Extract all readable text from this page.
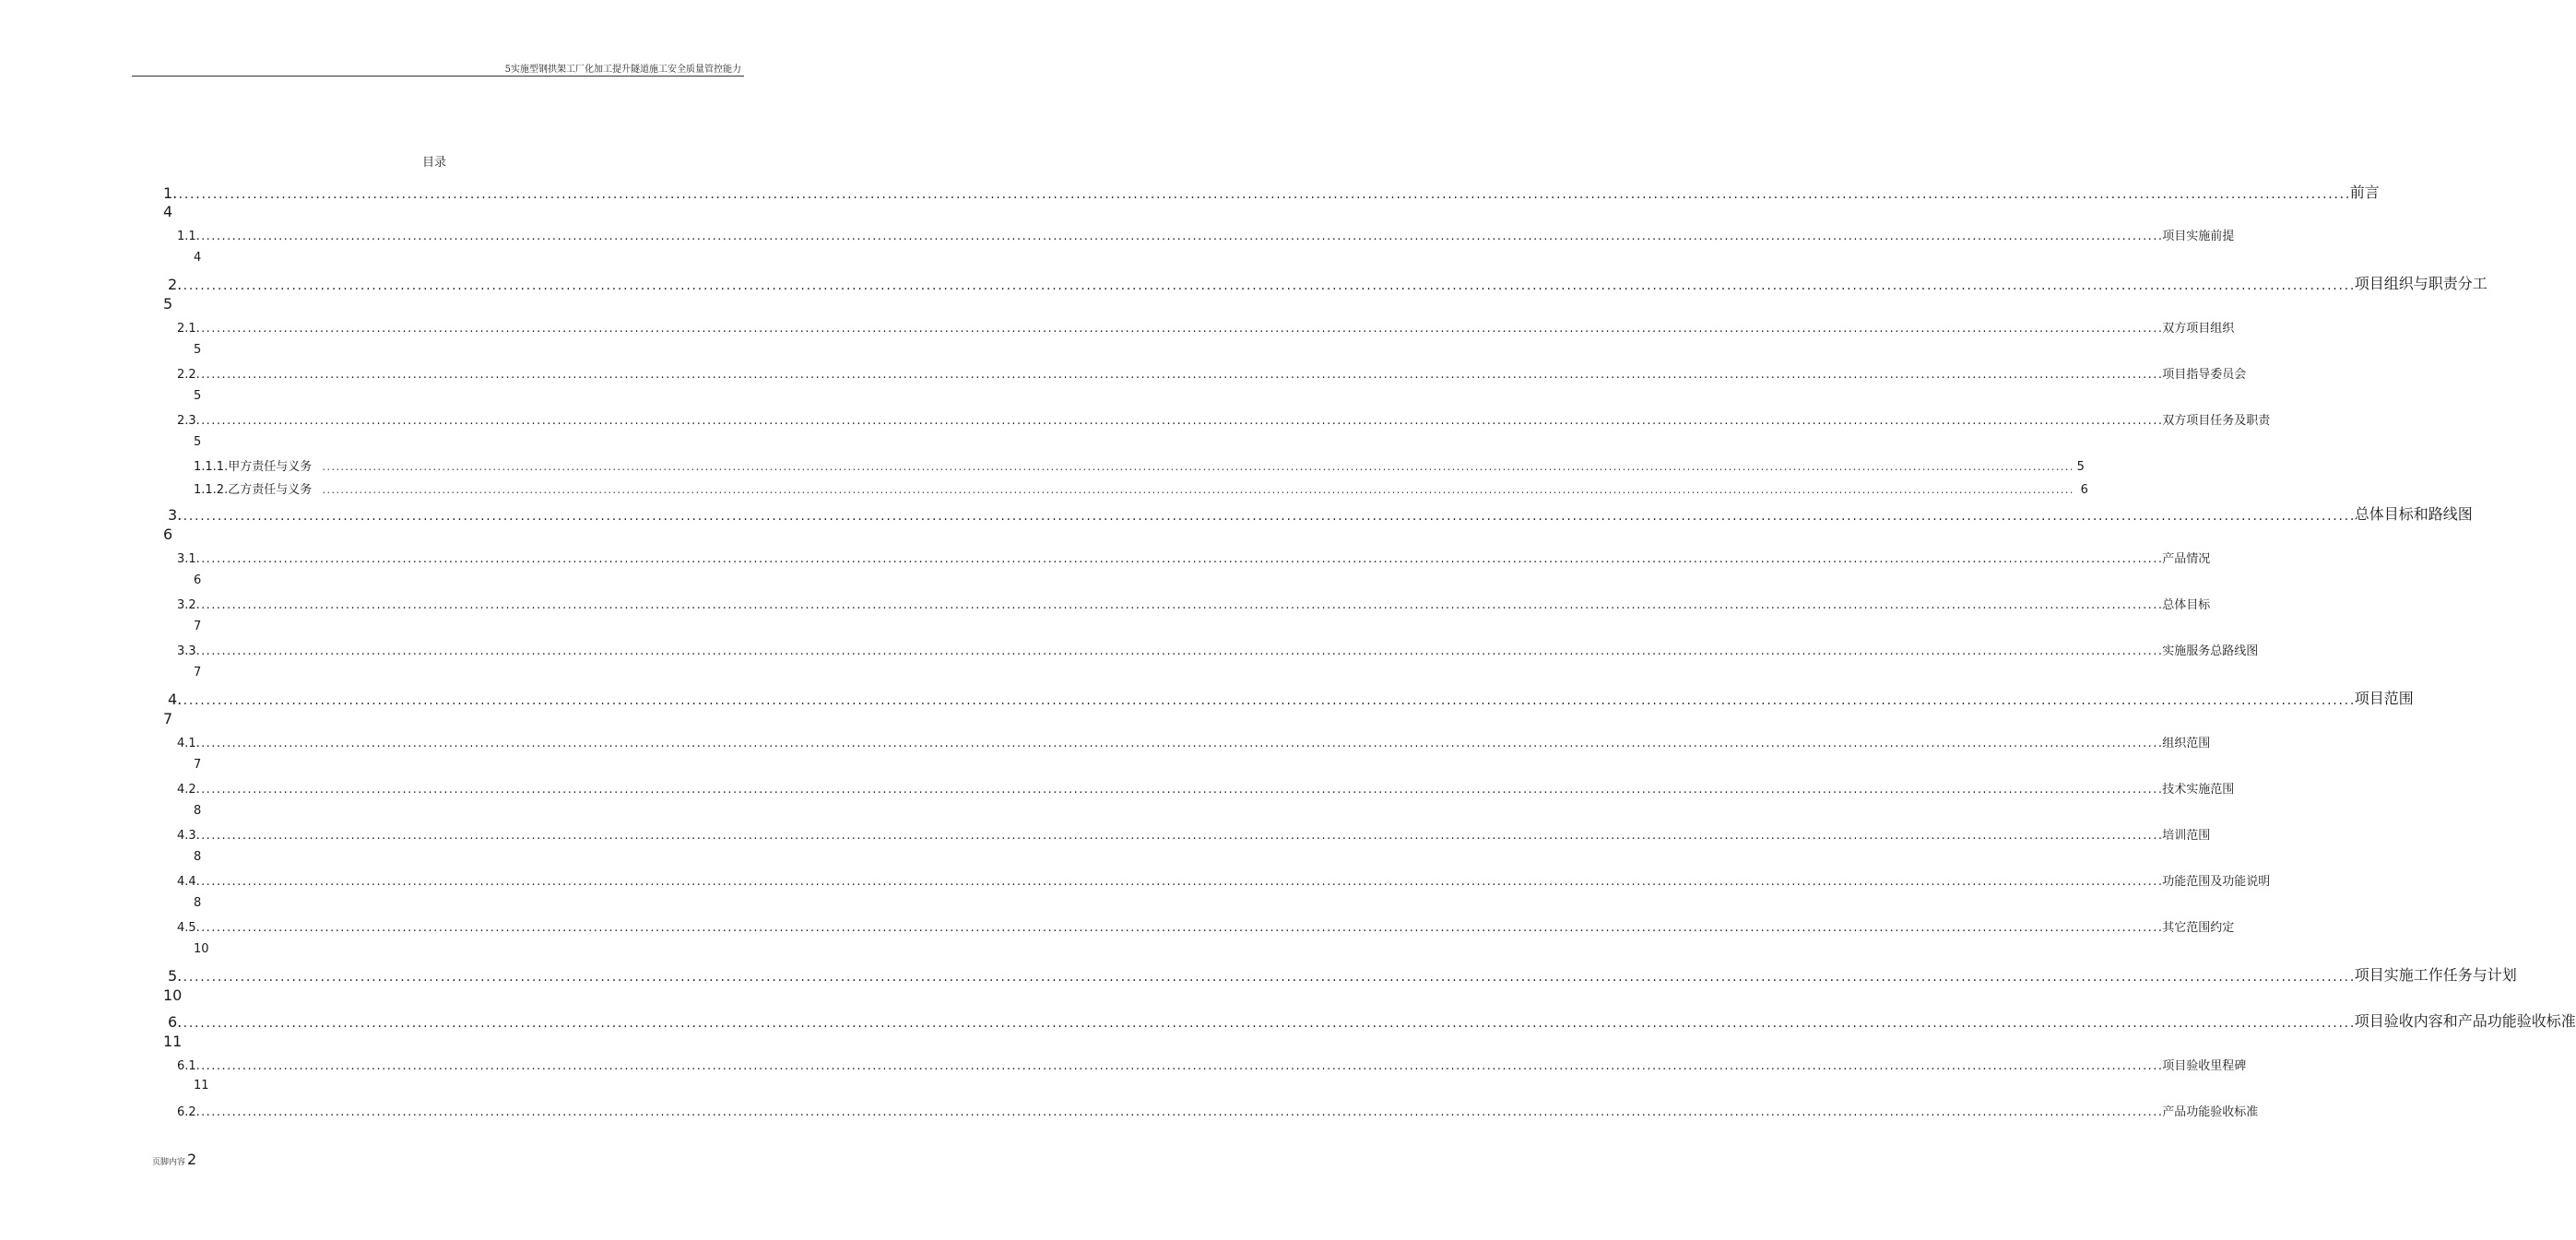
5实施型钢拱架工厂化加工提升隧道施工安全质量管控能力
目录
1. ............................................................................................................................................................................................................................................................................................................................................................................................ 前言
4
1.1. ............................................................................................................................................................................................................................................................................................................................................................................................ 项目实施前提
4
2. ............................................................................................................................................................................................................................................................................................................................................................................................ 项目组织与职责分工
5
2.1. ............................................................................................................................................................................................................................................................................................................................................................................................ 双方项目组织
5
2.2. ............................................................................................................................................................................................................................................................................................................................................................................................ 项目指导委员会
5
2.3. ............................................................................................................................................................................................................................................................................................................................................................................................ 双方项目任务及职责
5
1.1.1. 甲方责任与义务 ............................................................................................................................................................................................................................................................................................................................................................................................ 5
1.1.2. 乙方责任与义务 ............................................................................................................................................................................................................................................................................................................................................................................................ 6
3. ............................................................................................................................................................................................................................................................................................................................................................................................ 总体目标和路线图
6
3.1. ............................................................................................................................................................................................................................................................................................................................................................................................ 产品情况
6
3.2. ............................................................................................................................................................................................................................................................................................................................................................................................ 总体目标
7
3.3. ............................................................................................................................................................................................................................................................................................................................................................................................ 实施服务总路线图
7
4. ............................................................................................................................................................................................................................................................................................................................................................................................ 项目范围
7
4.1. ............................................................................................................................................................................................................................................................................................................................................................................................ 组织范围
7
4.2. ............................................................................................................................................................................................................................................................................................................................................................................................ 技术实施范围
8
4.3. ............................................................................................................................................................................................................................................................................................................................................................................................ 培训范围
8
4.4. ............................................................................................................................................................................................................................................................................................................................................................................................ 功能范围及功能说明
8
4.5. ............................................................................................................................................................................................................................................................................................................................................................................................ 其它范围约定
10
5. ............................................................................................................................................................................................................................................................................................................................................................................................ 项目实施工作任务与计划
10
6. ............................................................................................................................................................................................................................................................................................................................................................................................ 项目验收内容和产品功能验收标准
11
6.1. ............................................................................................................................................................................................................................................................................................................................................................................................ 项目验收里程碑
11
6.2. ............................................................................................................................................................................................................................................................................................................................................................................................ 产品功能验收标准
页脚内容 2
